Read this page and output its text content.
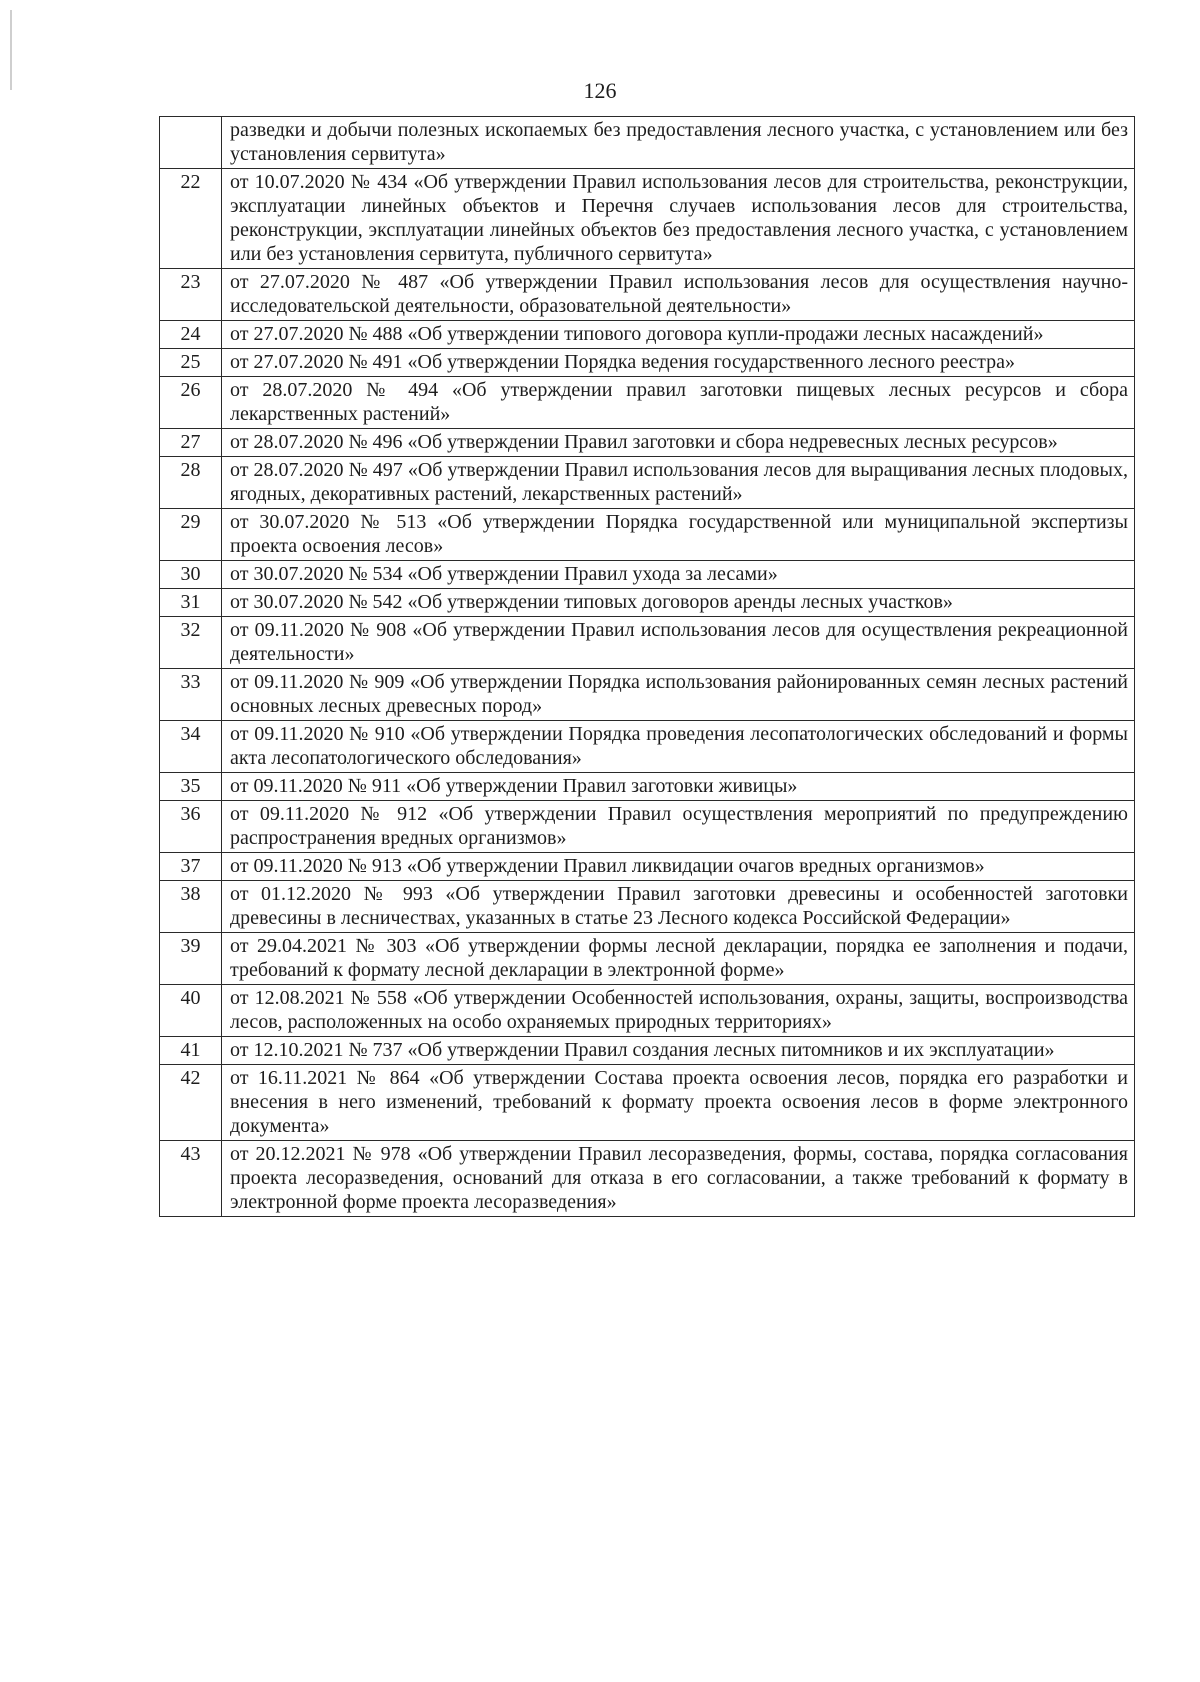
126
	разведки и добычи полезных ископаемых без предоставления лесного участка, с установлением или без установления сервитута»
22	от 10.07.2020 № 434 «Об утверждении Правил использования лесов для строительства, реконструкции, эксплуатации линейных объектов и Перечня случаев использования лесов для строительства, реконструкции, эксплуатации линейных объектов без предоставления лесного участка, с установлением или без установления сервитута, публичного сервитута»
23	от 27.07.2020 № 487 «Об утверждении Правил использования лесов для осуществления научно-исследовательской деятельности, образовательной деятельности»
24	от 27.07.2020 № 488 «Об утверждении типового договора купли-продажи лесных насаждений»
25	от 27.07.2020 № 491 «Об утверждении Порядка ведения государственного лесного реестра»
26	от 28.07.2020 № 494 «Об утверждении правил заготовки пищевых лесных ресурсов и сбора лекарственных растений»
27	от 28.07.2020 № 496 «Об утверждении Правил заготовки и сбора недревесных лесных ресурсов»
28	от 28.07.2020 № 497 «Об утверждении Правил использования лесов для выращивания лесных плодовых, ягодных, декоративных растений, лекарственных растений»
29	от 30.07.2020 № 513 «Об утверждении Порядка государственной или муниципальной экспертизы проекта освоения лесов»
30	от 30.07.2020 № 534 «Об утверждении Правил ухода за лесами»
31	от 30.07.2020 № 542 «Об утверждении типовых договоров аренды лесных участков»
32	от 09.11.2020 № 908 «Об утверждении Правил использования лесов для осуществления рекреационной деятельности»
33	от 09.11.2020 № 909 «Об утверждении Порядка использования районированных семян лесных растений основных лесных древесных пород»
34	от 09.11.2020 № 910 «Об утверждении Порядка проведения лесопатологических обследований и формы акта лесопатологического обследования»
35	от 09.11.2020 № 911 «Об утверждении Правил заготовки живицы»
36	от 09.11.2020 № 912 «Об утверждении Правил осуществления мероприятий по предупреждению распространения вредных организмов»
37	от 09.11.2020 № 913 «Об утверждении Правил ликвидации очагов вредных организмов»
38	от 01.12.2020 № 993 «Об утверждении Правил заготовки древесины и особенностей заготовки древесины в лесничествах, указанных в статье 23 Лесного кодекса Российской Федерации»
39	от 29.04.2021 № 303 «Об утверждении формы лесной декларации, порядка ее заполнения и подачи, требований к формату лесной декларации в электронной форме»
40	от 12.08.2021 № 558 «Об утверждении Особенностей использования, охраны, защиты, воспроизводства лесов, расположенных на особо охраняемых природных территориях»
41	от 12.10.2021 № 737 «Об утверждении Правил создания лесных питомников и их эксплуатации»
42	от 16.11.2021 № 864 «Об утверждении Состава проекта освоения лесов, порядка его разработки и внесения в него изменений, требований к формату проекта освоения лесов в форме электронного документа»
43	от 20.12.2021 № 978 «Об утверждении Правил лесоразведения, формы, состава, порядка согласования проекта лесоразведения, оснований для отказа в его согласовании, а также требований к формату в электронной форме проекта лесоразведения»
